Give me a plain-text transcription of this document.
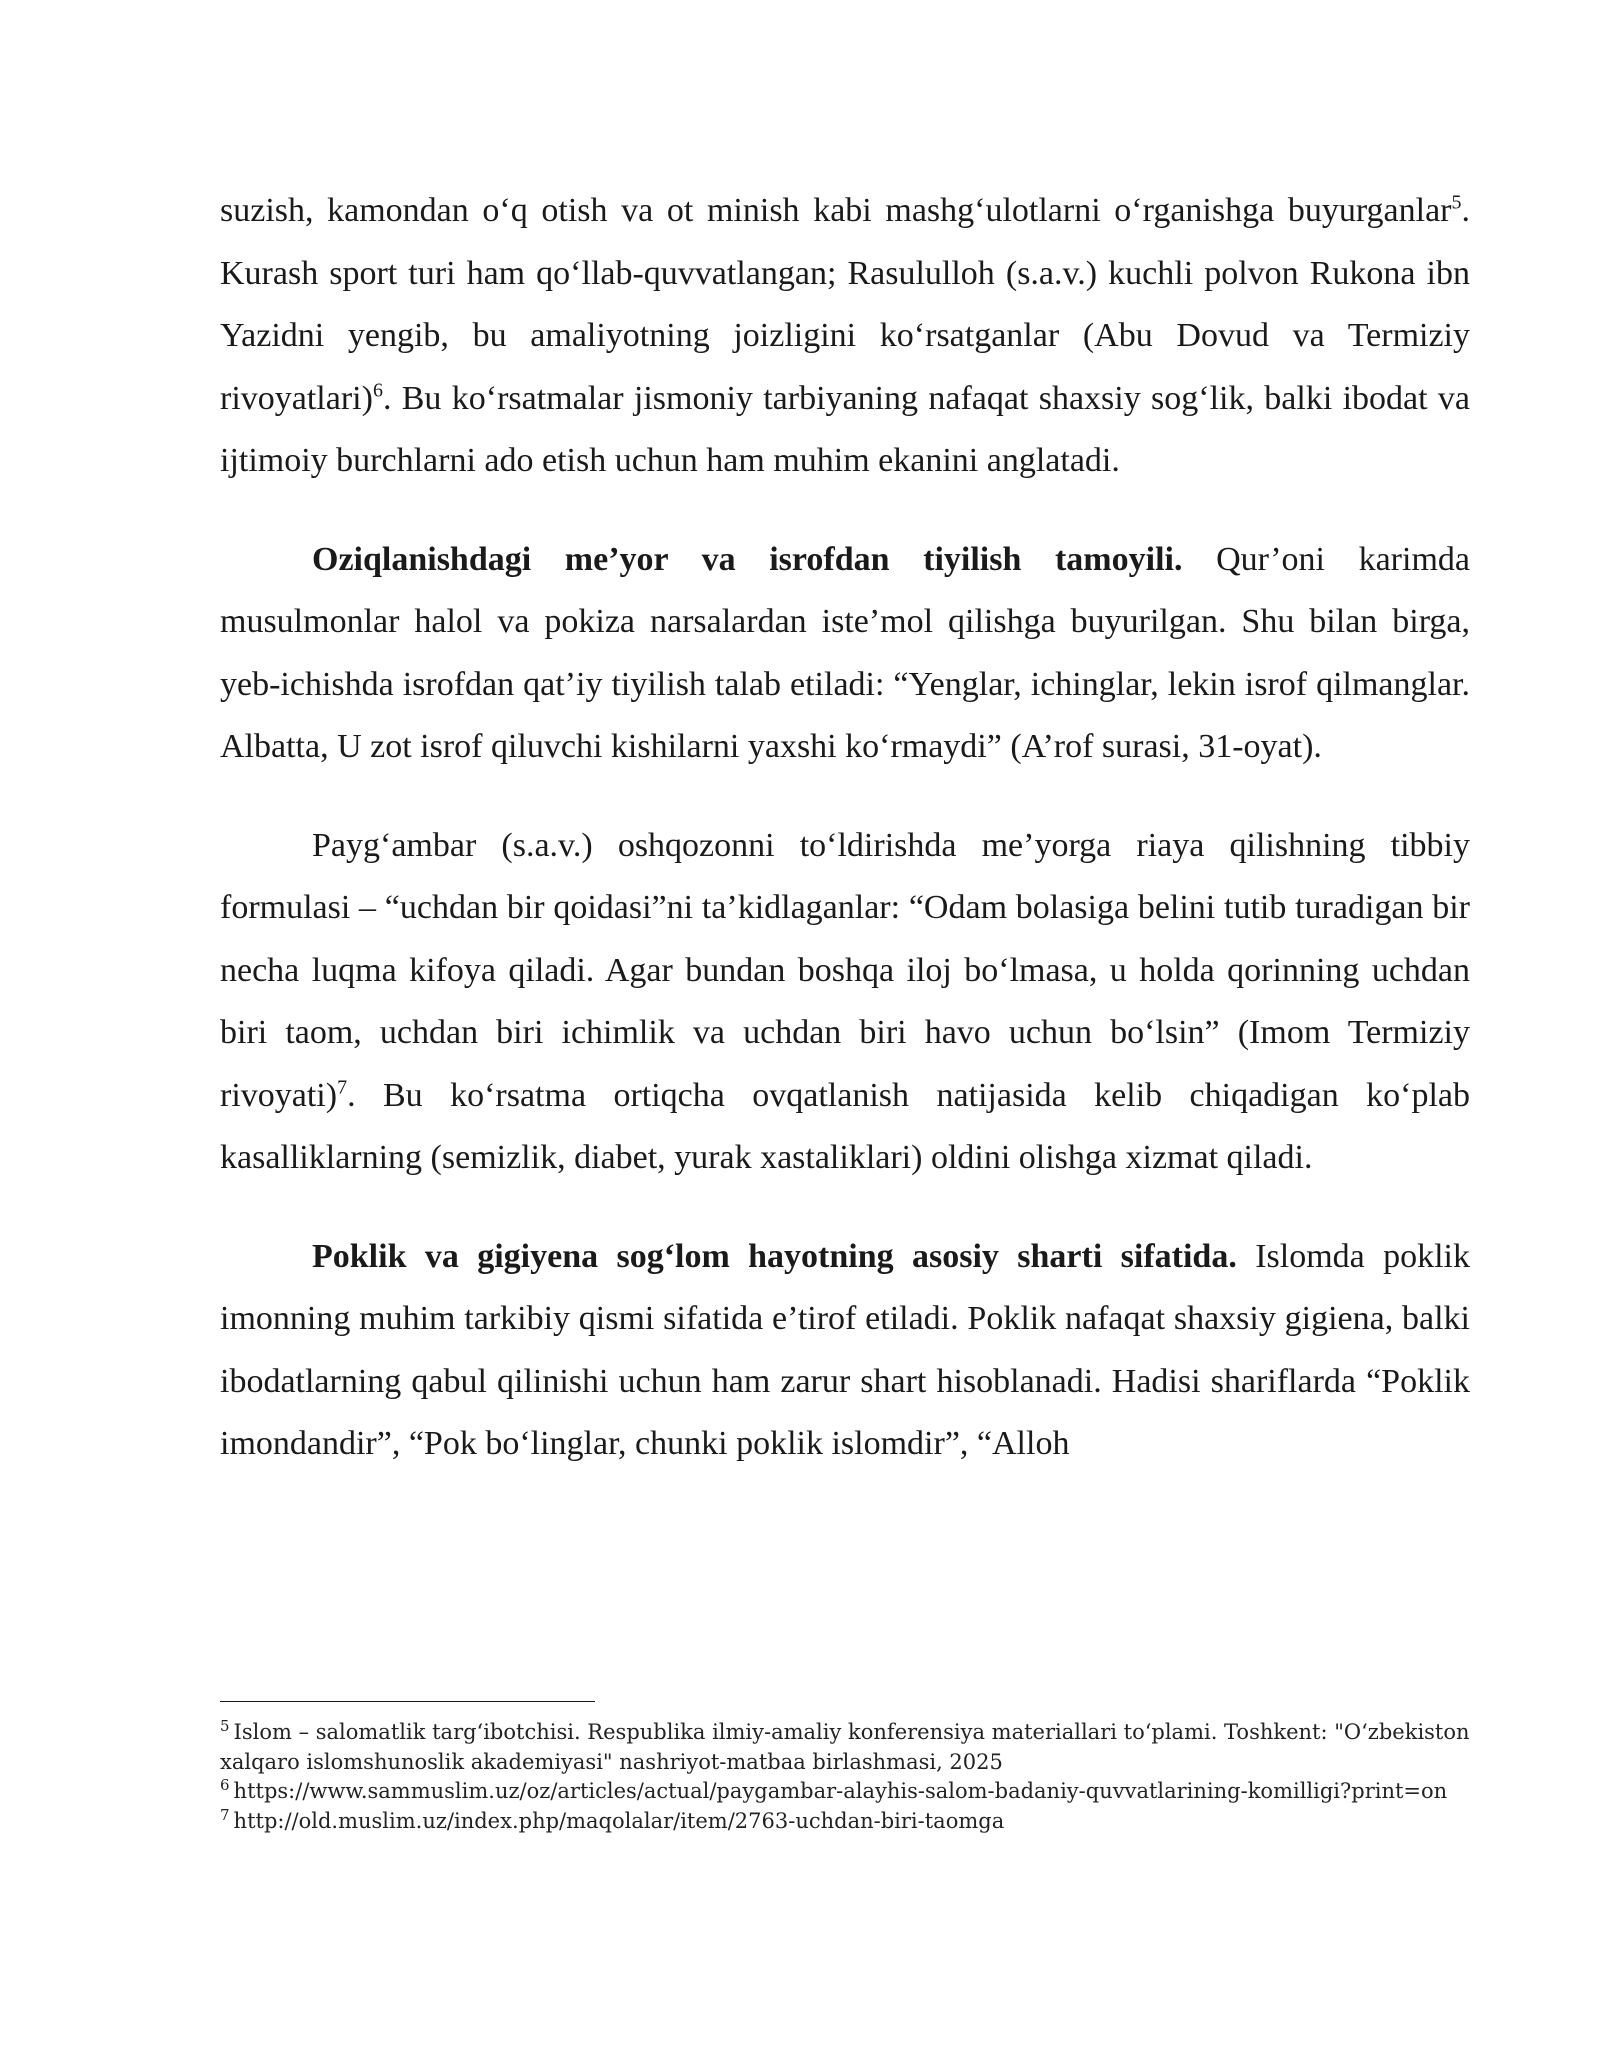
suzish, kamondan o‘q otish va ot minish kabi mashg‘ulotlarni o‘rganishga buyurganlar$^5$. Kurash sport turi ham qo‘llab-quvvatlangan; Rasululloh (s.a.v.) kuchli polvon Rukona ibn Yazidni yengib, bu amaliyotning joizligini ko‘rsatganlar (Abu Dovud va Termiziy rivoyatlari)$^6$. Bu ko‘rsatmalar jismoniy tarbiyaning nafaqat shaxsiy sog‘lik, balki ibodat va ijtimoiy burchlarni ado etish uchun ham muhim ekanini anglatadi.

Oziqlanishdagi me’yor va isrofdan tiyilish tamoyili. Qur’oni karimda musulmonlar halol va pokiza narsalardan iste’mol qilishga buyurilgan. Shu bilan birga, yeb-ichishda isrofdan qat’iy tiyilish talab etiladi: “Yenglar, ichinglar, lekin isrof qilmanglar. Albatta, U zot isrof qiluvchi kishilarni yaxshi ko‘rmaydi” (A’rof surasi, 31-oyat).

Payg‘ambar (s.a.v.) oshqozonni to‘ldirishda me’yorga riaya qilishning tibbiy formulasi – “uchdan bir qoidasi”ni ta’kidlaganlar: “Odam bolasiga belini tutib turadigan bir necha luqma kifoya qiladi. Agar bundan boshqa iloj bo‘lmasa, u holda qorinning uchdan biri taom, uchdan biri ichimlik va uchdan biri havo uchun bo‘lsin” (Imom Termiziy rivoyati)$^7$. Bu ko‘rsatma ortiqcha ovqatlanish natijasida kelib chiqadigan ko‘plab kasalliklarning (semizlik, diabet, yurak xastaliklari) oldini olishga xizmat qiladi.

Poklik va gigiyena sog‘lom hayotning asosiy sharti sifatida. Islomda poklik imonning muhim tarkibiy qismi sifatida e’tirof etiladi. Poklik nafaqat shaxsiy gigiena, balki ibodatlarning qabul qilinishi uchun ham zarur shart hisoblanadi. Hadisi shariflarda “Poklik imondandir”, “Pok bo‘linglar, chunki poklik islomdir”, “Alloh

$^5$ Islom – salomatlik targ‘ibotchisi. Respublika ilmiy-amaliy konferensiya materiallari to‘plami. Toshkent: "O‘zbekiston xalqaro islomshunoslik akademiyasi" nashriyot-matbaa birlashmasi, 2025

$^6$ https://www.sammuslim.uz/oz/articles/actual/paygambar-alayhis-salom-badaniy-quvvatlarining-komilligi?print=on

$^7$ http://old.muslim.uz/index.php/maqolalar/item/2763-uchdan-biri-taomga
